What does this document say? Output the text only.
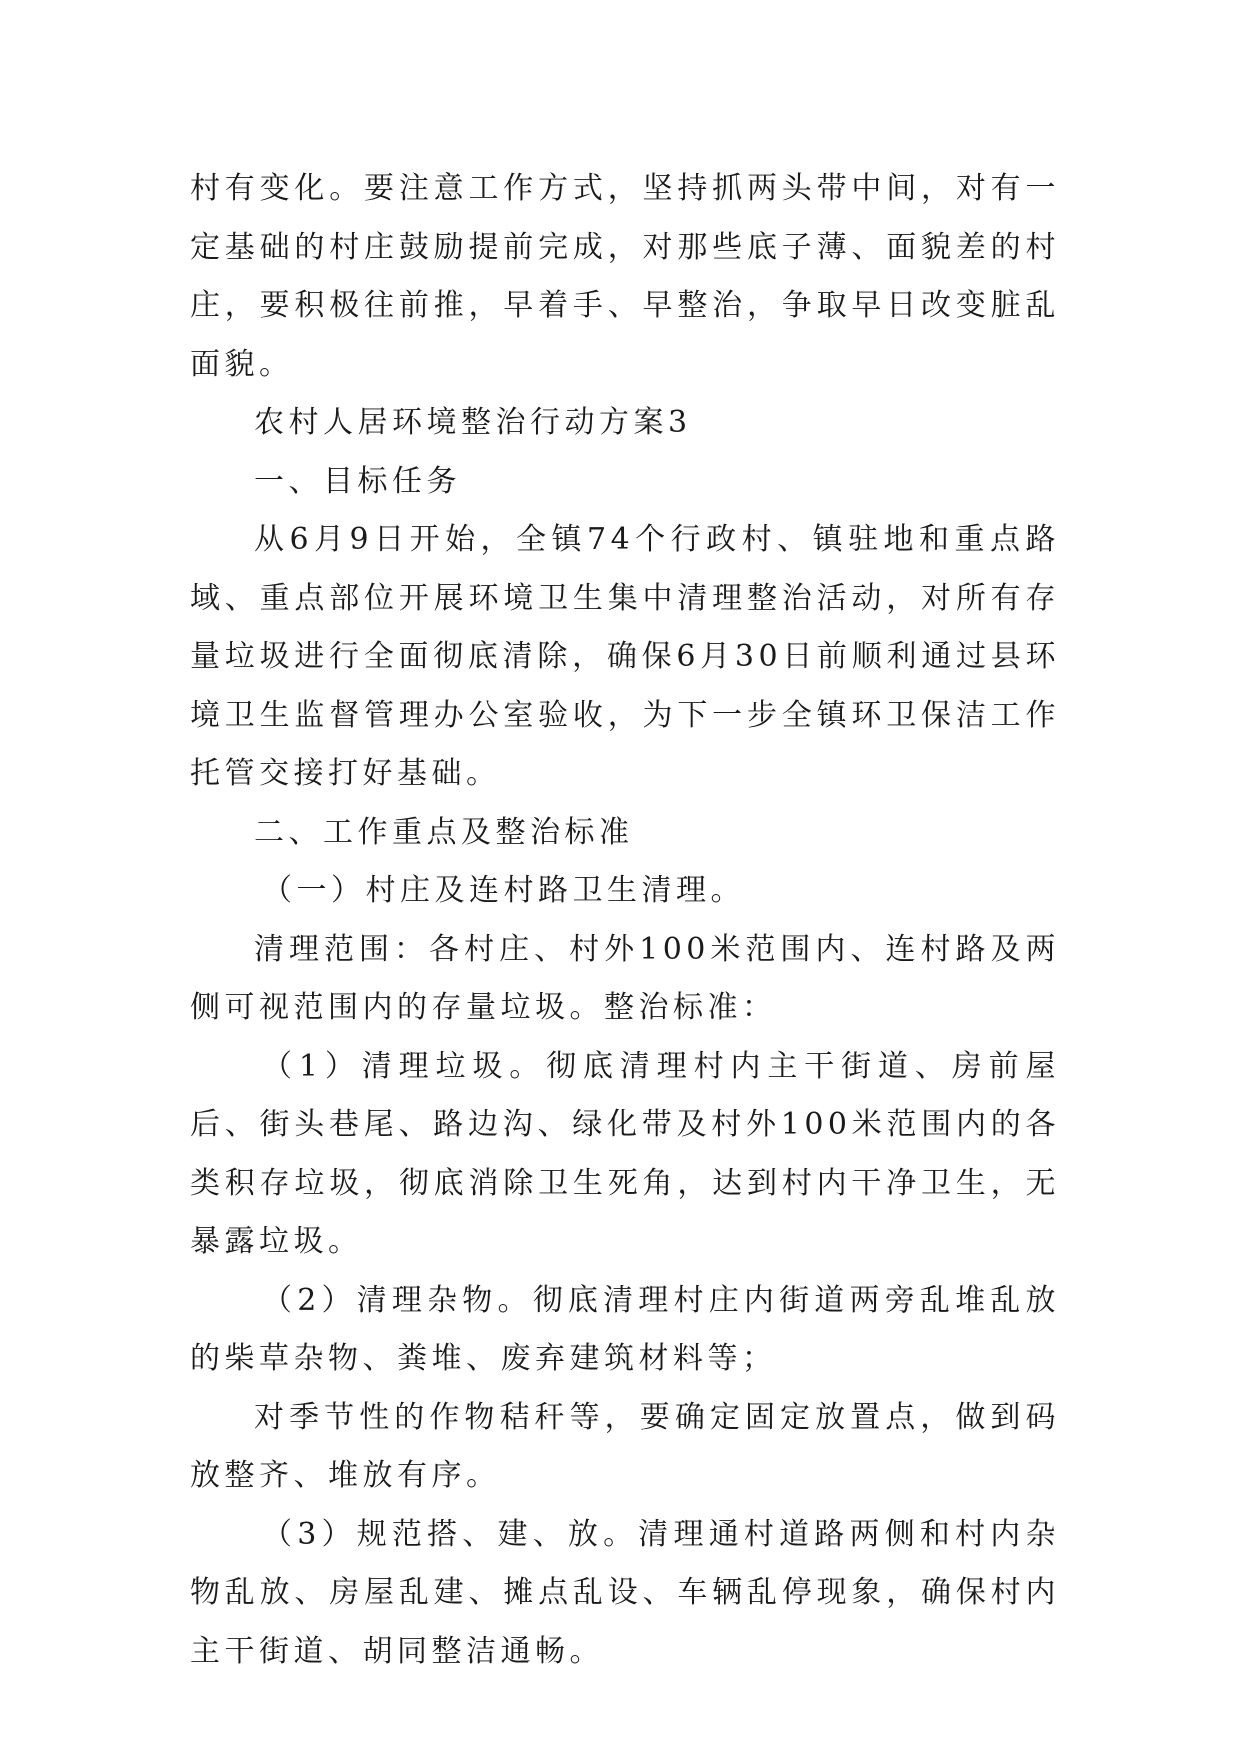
村有变化。要注意工作方式，坚持抓两头带中间，对有一定基础的村庄鼓励提前完成，对那些底子薄、面貌差的村庄，要积极往前推，早着手、早整治，争取早日改变脏乱面貌。

农村人居环境整治行动方案3

一、目标任务

从6月9日开始，全镇74个行政村、镇驻地和重点路域、重点部位开展环境卫生集中清理整治活动，对所有存量垃圾进行全面彻底清除，确保6月30日前顺利通过县环境卫生监督管理办公室验收，为下一步全镇环卫保洁工作托管交接打好基础。

二、工作重点及整治标准

（一）村庄及连村路卫生清理。

清理范围：各村庄、村外100米范围内、连村路及两侧可视范围内的存量垃圾。整治标准：

（1）清理垃圾。彻底清理村内主干街道、房前屋后、街头巷尾、路边沟、绿化带及村外100米范围内的各类积存垃圾，彻底消除卫生死角，达到村内干净卫生，无暴露垃圾。

（2）清理杂物。彻底清理村庄内街道两旁乱堆乱放的柴草杂物、粪堆、废弃建筑材料等；

对季节性的作物秸秆等，要确定固定放置点，做到码放整齐、堆放有序。

（3）规范搭、建、放。清理通村道路两侧和村内杂物乱放、房屋乱建、摊点乱设、车辆乱停现象，确保村内主干街道、胡同整洁通畅。
